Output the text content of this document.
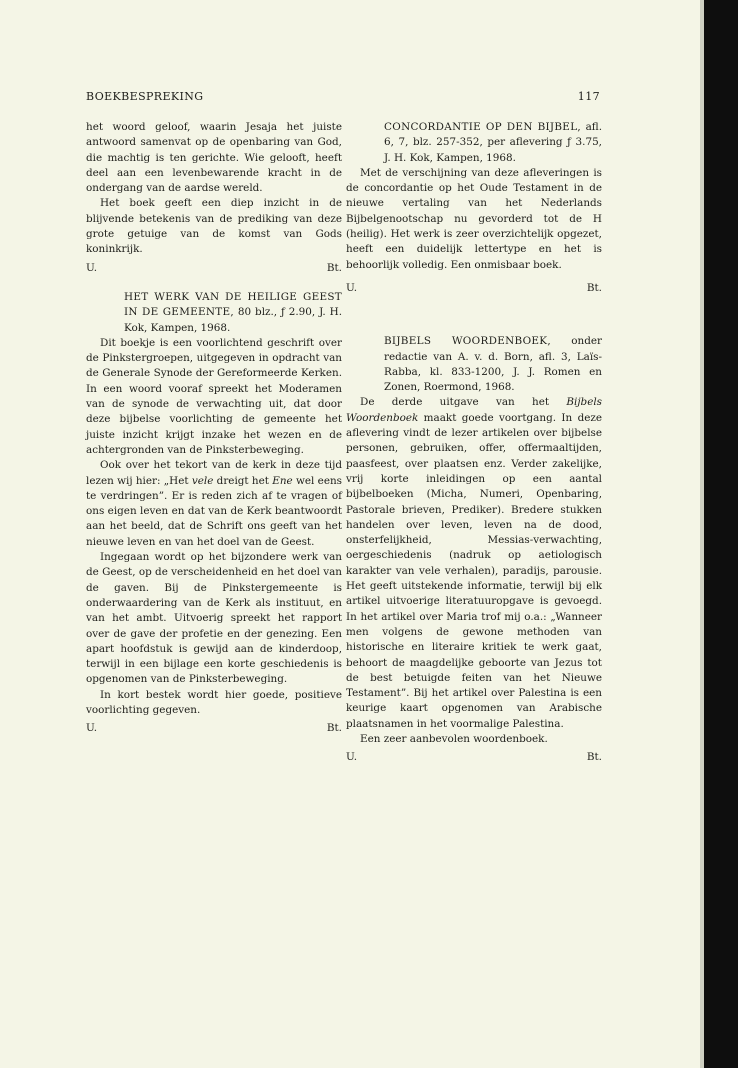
BOEKBESPREKING	117

het woord geloof, waarin Jesaja het juiste antwoord samenvat op de openbaring van God, die machtig is ten gerichte. Wie gelooft, heeft deel aan een levenbewarende kracht in de ondergang van de aardse wereld.

Het boek geeft een diep inzicht in de blijvende betekenis van de prediking van deze grote getuige van de komst van Gods koninkrijk.

U.	Bt.

HET WERK VAN DE HEILIGE GEEST IN DE GEMEENTE, 80 blz., ƒ 2.90, J. H. Kok, Kampen, 1968.

Dit boekje is een voorlichtend geschrift over de Pinkstergroepen, uitgegeven in opdracht van de Generale Synode der Gereformeerde Kerken. In een woord vooraf spreekt het Moderamen van de synode de verwachting uit, dat door deze bijbelse voorlichting de gemeente het juiste inzicht krijgt inzake het wezen en de achtergronden van de Pinksterbeweging.

Ook over het tekort van de kerk in deze tijd lezen wij hier: „Het vele dreigt het Ene wel eens te verdringen”. Er is reden zich af te vragen of ons eigen leven en dat van de Kerk beantwoordt aan het beeld, dat de Schrift ons geeft van het nieuwe leven en van het doel van de Geest.

Ingegaan wordt op het bijzondere werk van de Geest, op de verscheidenheid en het doel van de gaven. Bij de Pinkstergemeente is onderwaardering van de Kerk als instituut, en van het ambt. Uitvoerig spreekt het rapport over de gave der profetie en der genezing. Een apart hoofdstuk is gewijd aan de kinderdoop, terwijl in een bijlage een korte geschiedenis is opgenomen van de Pinksterbeweging.

In kort bestek wordt hier goede, positieve voorlichting gegeven.

U.	Bt.

CONCORDANTIE OP DEN BIJBEL, afl. 6, 7, blz. 257-352, per aflevering ƒ 3.75, J. H. Kok, Kampen, 1968.

Met de verschijning van deze afleveringen is de concordantie op het Oude Testament in de nieuwe vertaling van het Nederlands Bijbelgenootschap nu gevorderd tot de H (heilig). Het werk is zeer overzichtelijk opgezet, heeft een duidelijk lettertype en het is behoorlijk volledig. Een onmisbaar boek.

U.	Bt.

BIJBELS WOORDENBOEK, onder redactie van A. v. d. Born, afl. 3, Laïs-Rabba, kl. 833-1200, J. J. Romen en Zonen, Roermond, 1968.

De derde uitgave van het Bijbels Woordenboek maakt goede voortgang. In deze aflevering vindt de lezer artikelen over bijbelse personen, gebruiken, offer, offermaaltijden, paasfeest, over plaatsen enz. Verder zakelijke, vrij korte inleidingen op een aantal bijbelboeken (Micha, Numeri, Openbaring, Pastorale brieven, Prediker). Bredere stukken handelen over leven, leven na de dood, onsterfelijkheid, Messias-verwachting, oergeschiedenis (nadruk op aetiologisch karakter van vele verhalen), paradijs, parousie. Het geeft uitstekende informatie, terwijl bij elk artikel uitvoerige literatuuropgave is gevoegd. In het artikel over Maria trof mij o.a.: „Wanneer men volgens de gewone methoden van historische en literaire kritiek te werk gaat, behoort de maagdelijke geboorte van Jezus tot de best betuigde feiten van het Nieuwe Testament”. Bij het artikel over Palestina is een keurige kaart opgenomen van Arabische plaatsnamen in het voormalige Palestina.

Een zeer aanbevolen woordenboek.

U.	Bt.
